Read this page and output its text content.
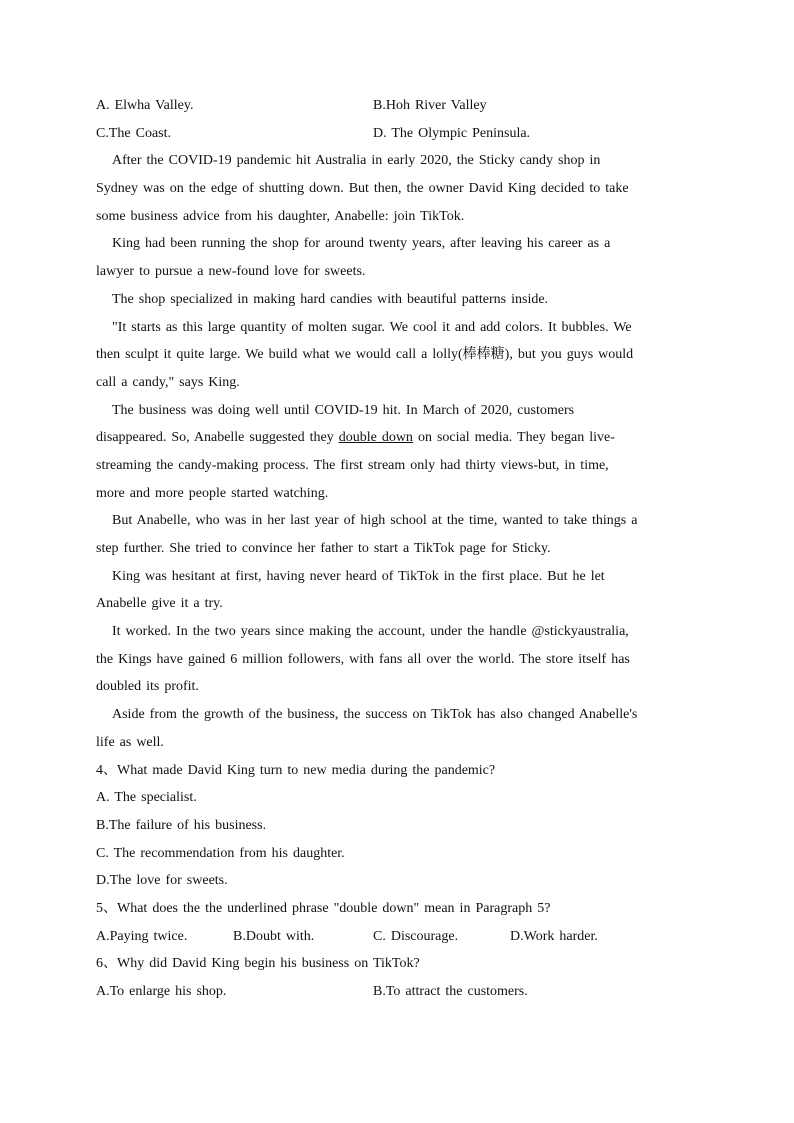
A. Elwha Valley.	B.Hoh River Valley
C.The Coast.	D. The Olympic Peninsula.
After the COVID-19 pandemic hit Australia in early 2020, the Sticky candy shop in
Sydney was on the edge of shutting down. But then, the owner David King decided to take
some business advice from his daughter, Anabelle: join TikTok.
King had been running the shop for around twenty years, after leaving his career as a
lawyer to pursue a new-found love for sweets.
The shop specialized in making hard candies with beautiful patterns inside.
"It starts as this large quantity of molten sugar. We cool it and add colors. It bubbles. We
then sculpt it quite large. We build what we would call a lolly(棒棒糖), but you guys would
call a candy," says King.
The business was doing well until COVID-19 hit. In March of 2020, customers
disappeared. So, Anabelle suggested they double down on social media. They began live-
streaming the candy-making process. The first stream only had thirty views-but, in time,
more and more people started watching.
But Anabelle, who was in her last year of high school at the time, wanted to take things a
step further. She tried to convince her father to start a TikTok page for Sticky.
King was hesitant at first, having never heard of TikTok in the first place. But he let
Anabelle give it a try.
It worked. In the two years since making the account, under the handle @stickyaustralia,
the Kings have gained 6 million followers, with fans all over the world. The store itself has
doubled its profit.
Aside from the growth of the business, the success on TikTok has also changed Anabelle's
life as well.
4、What made David King turn to new media during the pandemic?
A. The specialist.
B.The failure of his business.
C. The recommendation from his daughter.
D.The love for sweets.
5、What does the the underlined phrase "double down" mean in Paragraph 5?
A.Paying twice.	B.Doubt with.	C. Discourage.	D.Work harder.
6、Why did David King begin his business on TikTok?
A.To enlarge his shop.	B.To attract the customers.
